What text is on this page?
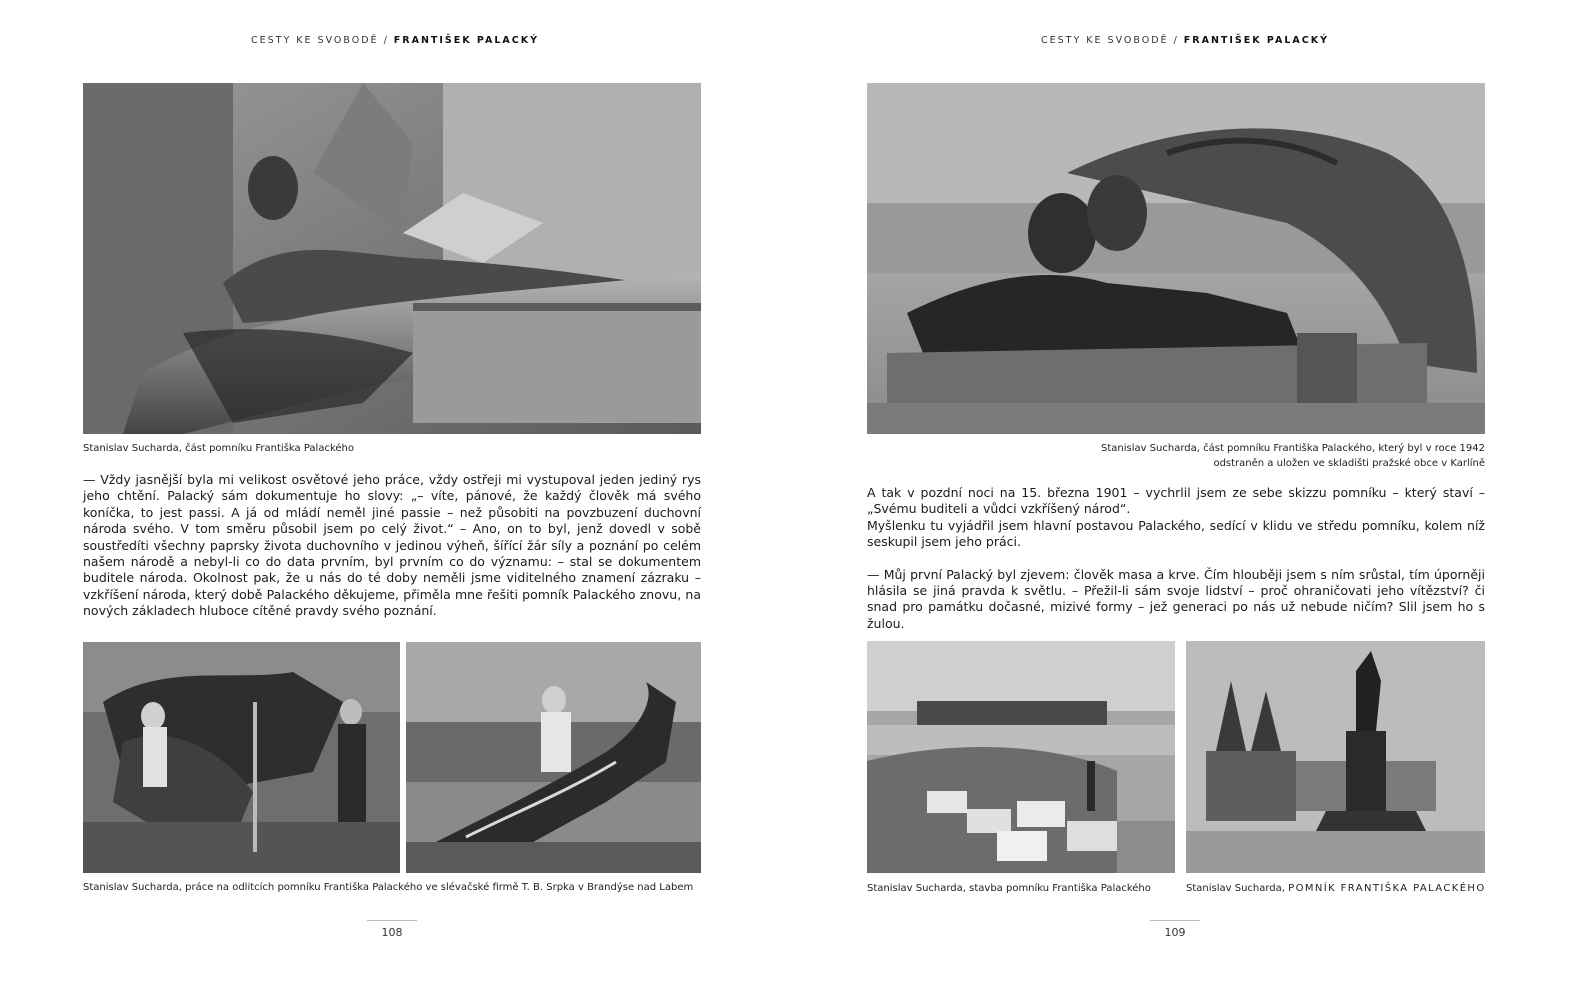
CESTY KE SVOBODĚ / FRANTIŠEK PALACKÝ
Stanislav Sucharda, část pomníku Františka Palackého

— Vždy jasnější byla mi velikost osvětové jeho práce, vždy ostřeji mi vystupoval jeden jediný rys jeho chtění. Palacký sám dokumentuje ho slovy: „– víte, pánové, že každý člověk má svého koníčka, to jest passi. A já od mládí neměl jiné passie – než působiti na povzbuzení duchovní národa svého. V tom směru působil jsem po celý život.“ – Ano, on to byl, jenž dovedl v sobě soustředíti všechny paprsky života duchovního v jedinou výheň, šířící žár síly a poznání po celém našem národě a nebyl-li co do data prvním, byl prvním co do významu: – stal se dokumentem buditele národa. Okolnost pak, že u nás do té doby neměli jsme viditelného znamení zázraku – vzkříšení národa, který době Palackého děkujeme, přiměla mne řešiti pomník Palackého znovu, na nových základech hluboce cítěné pravdy svého poznání.

Stanislav Sucharda, práce na odlitcích pomníku Františka Palackého ve slévačské firmě T. B. Srpka v Brandýse nad Labem
108
CESTY KE SVOBODĚ / FRANTIŠEK PALACKÝ
Stanislav Sucharda, část pomníku Františka Palackého, který byl v roce 1942
odstraněn a uložen ve skladišti pražské obce v Karlíně

A tak v pozdní noci na 15. března 1901 – vychrlil jsem ze sebe skizzu pomníku – který staví – „Svému buditeli a vůdci vzkříšený národ“.

Myšlenku tu vyjádřil jsem hlavní postavou Palackého, sedící v klidu ve středu pomníku, kolem níž seskupil jsem jeho práci.

— Můj první Palacký byl zjevem: člověk masa a krve. Čím hlouběji jsem s ním srůstal, tím úporněji hlásila se jiná pravda k světlu. – Přežil-li sám svoje lidství – proč ohraničovati jeho vítězství? či snad pro památku dočasné, mizivé formy – jež generaci po nás už nebude ničím? Slil jsem ho s žulou.

Stanislav Sucharda, stavba pomníku Františka Palackého	Stanislav Sucharda, POMNÍK FRANTIŠKA PALACKÉHO
109
